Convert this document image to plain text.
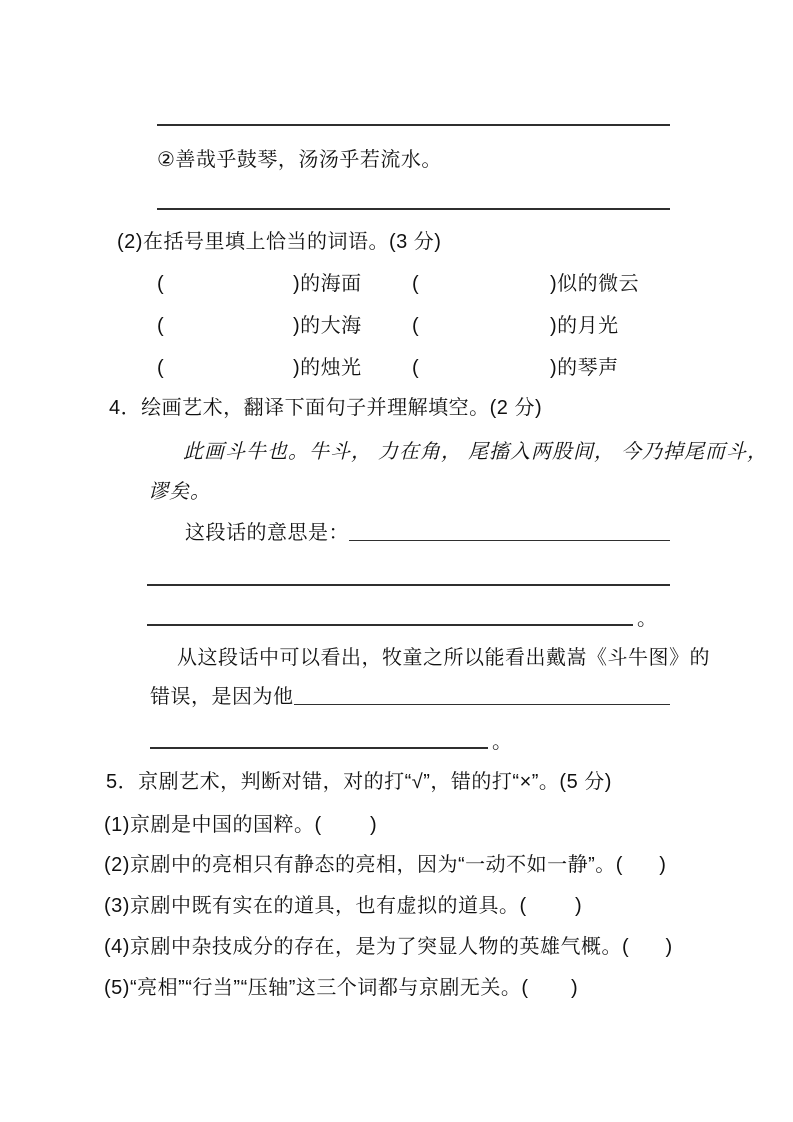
②善哉乎鼓琴，汤汤乎若流水。
(2)在括号里填上恰当的词语。(3 分)
(	)的海面	(	)似的微云
(	)的大海	(	)的月光
(	)的烛光	(	)的琴声
4．绘画艺术，翻译下面句子并理解填空。(2 分)
此画斗牛也。牛斗， 力在角， 尾搐入两股间， 今乃掉尾而斗，
谬矣。
这段话的意思是：
。
从这段话中可以看出，牧童之所以能看出戴嵩《斗牛图》的
错误，是因为他
。
5．京剧艺术，判断对错，对的打“√”，错的打“×”。(5 分)
(1)京剧是中国的国粹。(        )
(2)京剧中的亮相只有静态的亮相，因为“一动不如一静”。(      )
(3)京剧中既有实在的道具，也有虚拟的道具。(        )
(4)京剧中杂技成分的存在，是为了突显人物的英雄气概。(      )
(5)“亮相”“行当”“压轴”这三个词都与京剧无关。(       )
